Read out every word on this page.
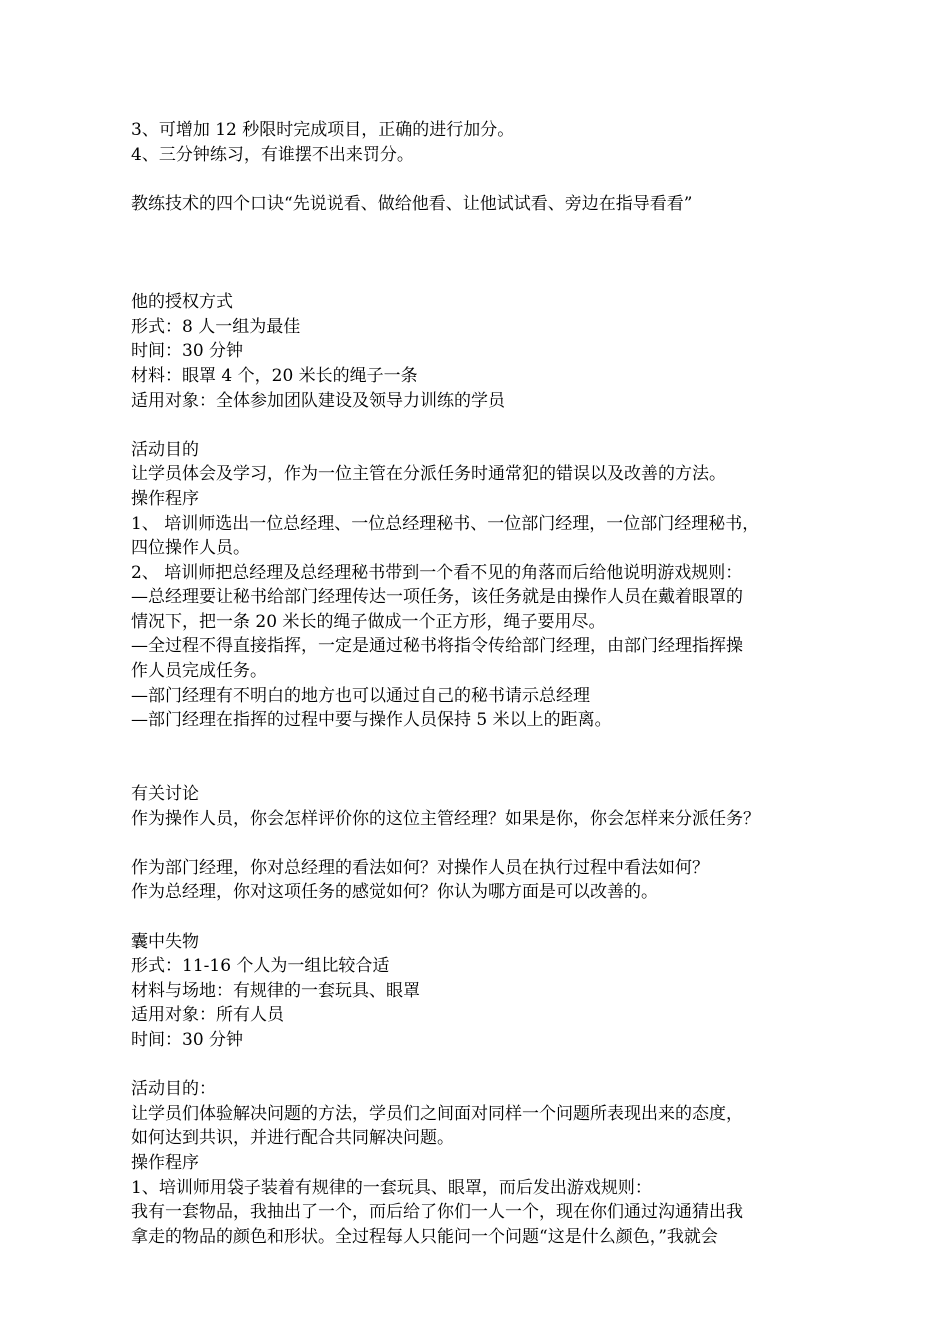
3、可增加 12 秒限时完成项目，正确的进行加分。
4、三分钟练习，有谁摆不出来罚分。
教练技术的四个口诀“先说说看、做给他看、让他试试看、旁边在指导看看”
他的授权方式
形式：8 人一组为最佳
时间：30 分钟
材料：眼罩 4 个，20 米长的绳子一条
适用对象：全体参加团队建设及领导力训练的学员
活动目的
让学员体会及学习，作为一位主管在分派任务时通常犯的错误以及改善的方法。
操作程序
1、 培训师选出一位总经理、一位总经理秘书、一位部门经理，一位部门经理秘书，
四位操作人员。
2、 培训师把总经理及总经理秘书带到一个看不见的角落而后给他说明游戏规则：
—总经理要让秘书给部门经理传达一项任务，该任务就是由操作人员在戴着眼罩的
情况下，把一条 20 米长的绳子做成一个正方形，绳子要用尽。
—全过程不得直接指挥，一定是通过秘书将指令传给部门经理，由部门经理指挥操
作人员完成任务。
—部门经理有不明白的地方也可以通过自己的秘书请示总经理
—部门经理在指挥的过程中要与操作人员保持 5 米以上的距离。
有关讨论
作为操作人员，你会怎样评价你的这位主管经理？如果是你，你会怎样来分派任务？
作为部门经理，你对总经理的看法如何？对操作人员在执行过程中看法如何？
作为总经理，你对这项任务的感觉如何？你认为哪方面是可以改善的。
囊中失物
形式：11-16 个人为一组比较合适
材料与场地：有规律的一套玩具、眼罩
适用对象：所有人员
时间：30 分钟
活动目的：
让学员们体验解决问题的方法，学员们之间面对同样一个问题所表现出来的态度，
如何达到共识，并进行配合共同解决问题。
操作程序
1、培训师用袋子装着有规律的一套玩具、眼罩，而后发出游戏规则：
我有一套物品，我抽出了一个，而后给了你们一人一个，现在你们通过沟通猜出我
拿走的物品的颜色和形状。全过程每人只能问一个问题“这是什么颜色，”我就会
